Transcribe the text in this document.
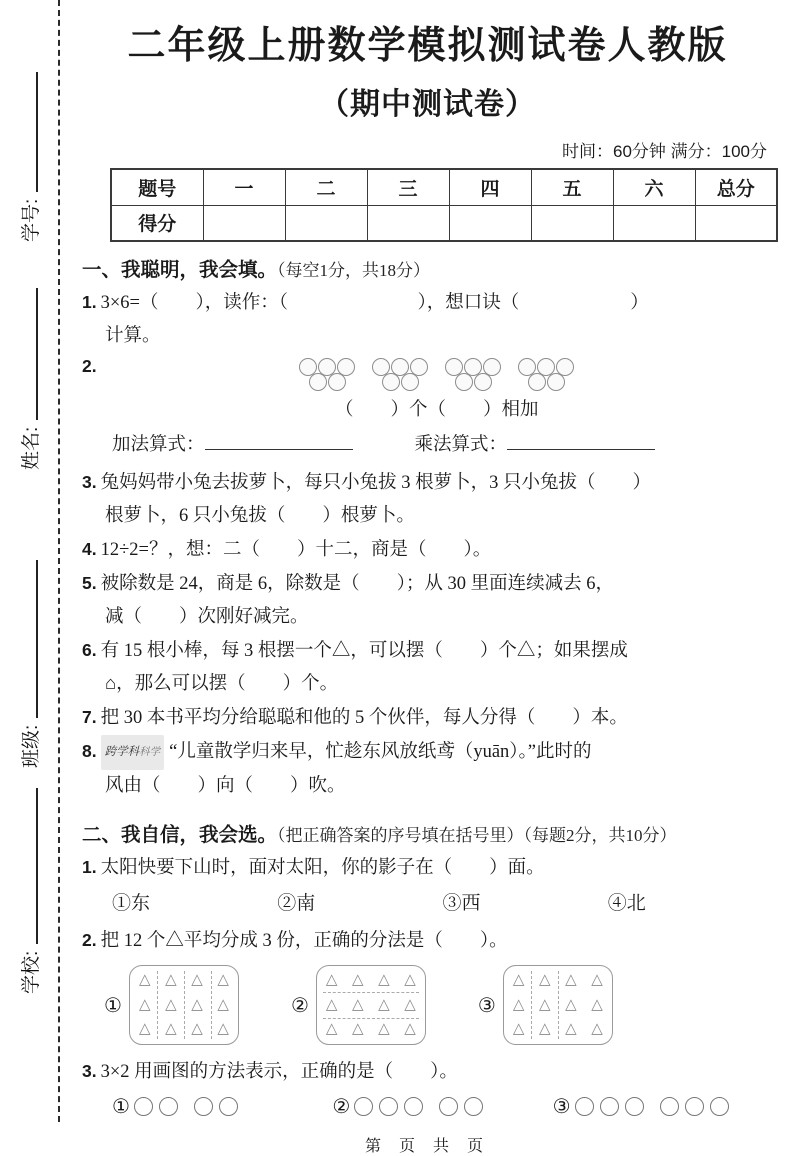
学号:
姓名:
班级:
学校:
二年级上册数学模拟测试卷人教版
（期中测试卷）
时间：60分钟 满分：100分
题号	一	二	三	四	五	六	总分
得分							
一、我聪明，我会填。（每空1分，共18分）
1. 3×6=（　　），读作：（　　　　　　　），想口诀（　　　　　　）
计算。
2.
（　　）个（　　）相加
加法算式：	乘法算式：
3. 兔妈妈带小兔去拔萝卜，每只小兔拔 3 根萝卜，3 只小兔拔（　　）
根萝卜，6 只小兔拔（　　）根萝卜。
4. 12÷2=？，想：二（　　）十二，商是（　　）。
5. 被除数是 24，商是 6，除数是（　　）；从 30 里面连续减去 6，
减（　　）次刚好减完。
6. 有 15 根小棒，每 3 根摆一个△，可以摆（　　）个△；如果摆成
⌂，那么可以摆（　　）个。
7. 把 30 本书平均分给聪聪和他的 5 个伙伴，每人分得（　　）本。
8. 跨学科科学 “儿童散学归来早，忙趁东风放纸鸢（yuān）。”此时的
风由（　　）向（　　）吹。
二、我自信，我会选。（把正确答案的序号填在括号里）（每题2分，共10分）
1. 太阳快要下山时，面对太阳，你的影子在（　　）面。
①东	②南	③西	④北
2. 把 12 个△平均分成 3 份，正确的分法是（　　）。
①
△ △ △ △
△ △ △ △
△ △ △ △
②
△ △ △ △
△ △ △ △
△ △ △ △
③
△ △ △ △
△ △ △ △
△ △ △ △
3. 3×2 用画图的方法表示，正确的是（　　）。
①	②	③
第 页 共 页
